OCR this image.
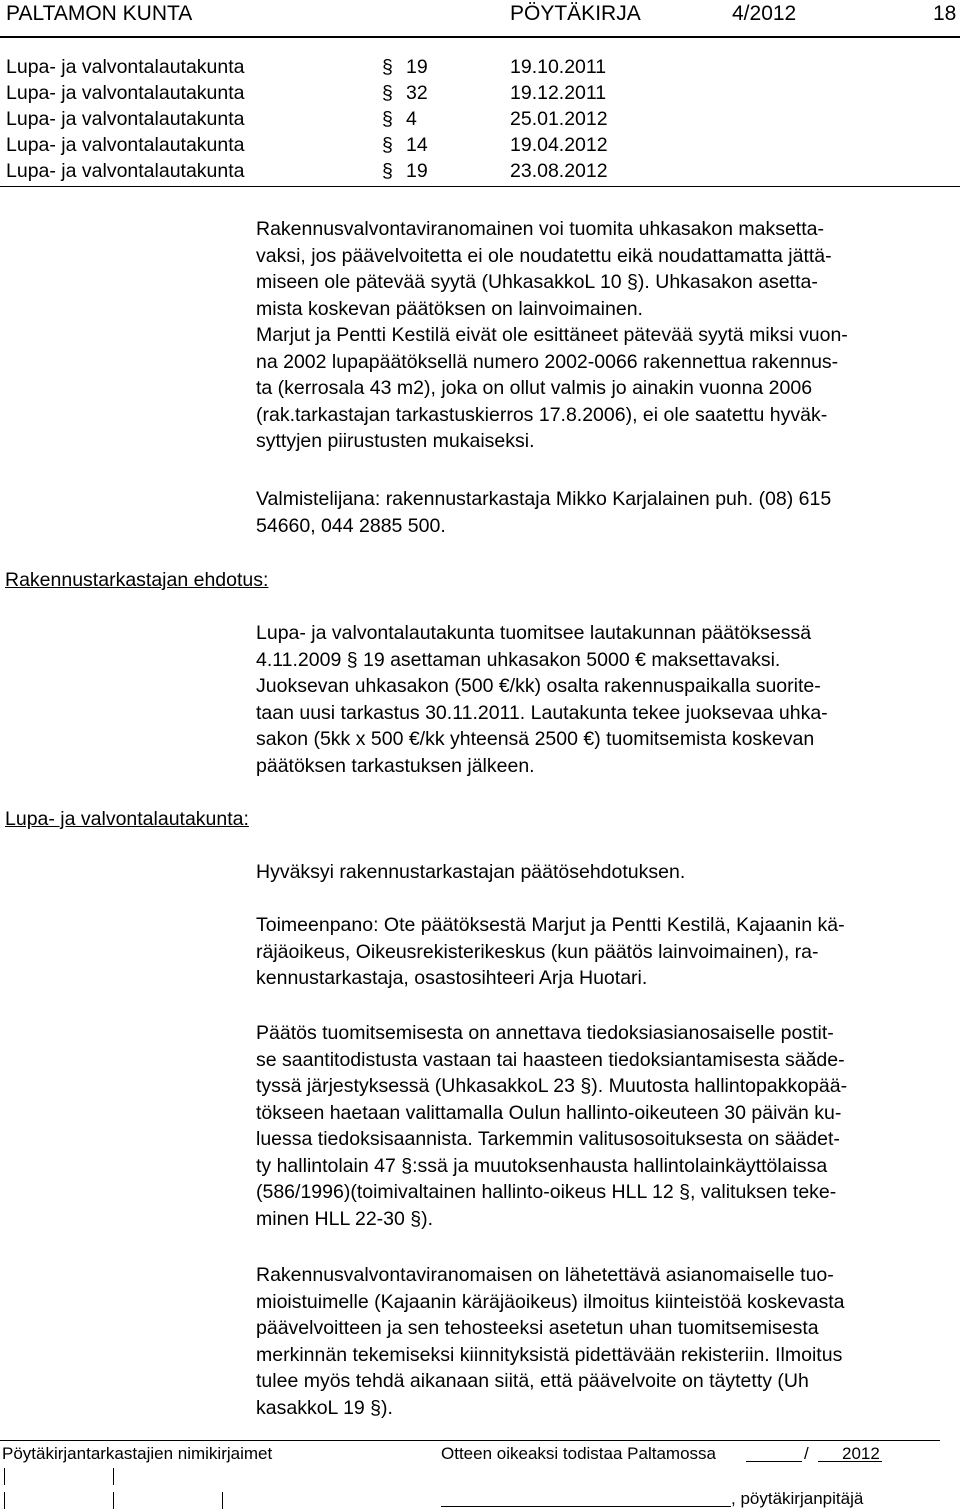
PALTAMON KUNTA	PÖYTÄKIRJA	4/2012	18
Lupa- ja valvontalautakunta	§ 19	19.10.2011
Lupa- ja valvontalautakunta	§ 32	19.12.2011
Lupa- ja valvontalautakunta	§ 4	25.01.2012
Lupa- ja valvontalautakunta	§ 14	19.04.2012
Lupa- ja valvontalautakunta	§ 19	23.08.2012
Rakennustarkastajan ehdotus:
Lupa- ja valvontalautakunta:

Rakennusvalvontaviranomainen voi tuomita uhkasakon maksetta-
vaksi, jos päävelvoitetta ei ole noudatettu eikä noudattamatta jättä-
miseen ole pätevää syytä (UhkasakkoL 10 §). Uhkasakon asetta-
mista koskevan päätöksen on lainvoimainen.
Marjut ja Pentti Kestilä eivät ole esittäneet pätevää syytä miksi vuon-
na 2002 lupapäätöksellä numero 2002-0066 rakennettua rakennus-
ta (kerrosala 43 m2), joka on ollut valmis jo ainakin vuonna 2006
(rak.tarkastajan tarkastuskierros 17.8.2006), ei ole saatettu hyväk-
syttyjen piirustusten mukaiseksi.

Valmistelijana: rakennustarkastaja Mikko Karjalainen puh. (08) 615
54660, 044 2885 500.

Lupa- ja valvontalautakunta tuomitsee lautakunnan päätöksessä
4.11.2009 § 19 asettaman uhkasakon 5000 € maksettavaksi.
Juoksevan uhkasakon (500 €/kk) osalta rakennuspaikalla suorite-
taan uusi tarkastus 30.11.2011. Lautakunta tekee juoksevaa uhka-
sakon (5kk x 500 €/kk yhteensä 2500 €) tuomitsemista koskevan
päätöksen tarkastuksen jälkeen.

Hyväksyi rakennustarkastajan päätösehdotuksen.

Toimeenpano: Ote päätöksestä Marjut ja Pentti Kestilä, Kajaanin kä-
räjäoikeus, Oikeusrekisterikeskus (kun päätös lainvoimainen), ra-
kennustarkastaja, osastosihteeri Arja Huotari.

Päätös tuomitsemisesta on annettava tiedoksiasianosaiselle postit-
se saantitodistusta vastaan tai haasteen tiedoksiantamisesta säăde-
tyssä järjestyksessä (UhkasakkoL 23 §). Muutosta hallintopakkopää-
tökseen haetaan valittamalla Oulun hallinto-oikeuteen 30 päivän ku-
luessa tiedoksisaannista. Tarkemmin valitusosoituksesta on säädet-
ty hallintolain 47 §:ssä ja muutoksenhausta hallintolainkäyttölaissa
(586/1996)(toimivaltainen hallinto-oikeus HLL 12 §, valituksen teke-
minen HLL 22-30 §).

Rakennusvalvontaviranomaisen on lähetettävä asianomaiselle tuo-
mioistuimelle (Kajaanin käräjäoikeus) ilmoitus kiinteistöä koskevasta
päävelvoitteen ja sen tehosteeksi asetetun uhan tuomitsemisesta
merkinnän tekemiseksi kiinnityksistä pidettävään rekisteriin. Ilmoitus
tulee myös tehdä aikanaan siitä, että päävelvoite on täytetty (Uh
kasakkoL 19 §).

Pöytäkirjantarkastajien nimikirjaimet	Otteen oikeaksi todistaa Paltamossa	/ 2012
, pöytäkirjanpitäjä
